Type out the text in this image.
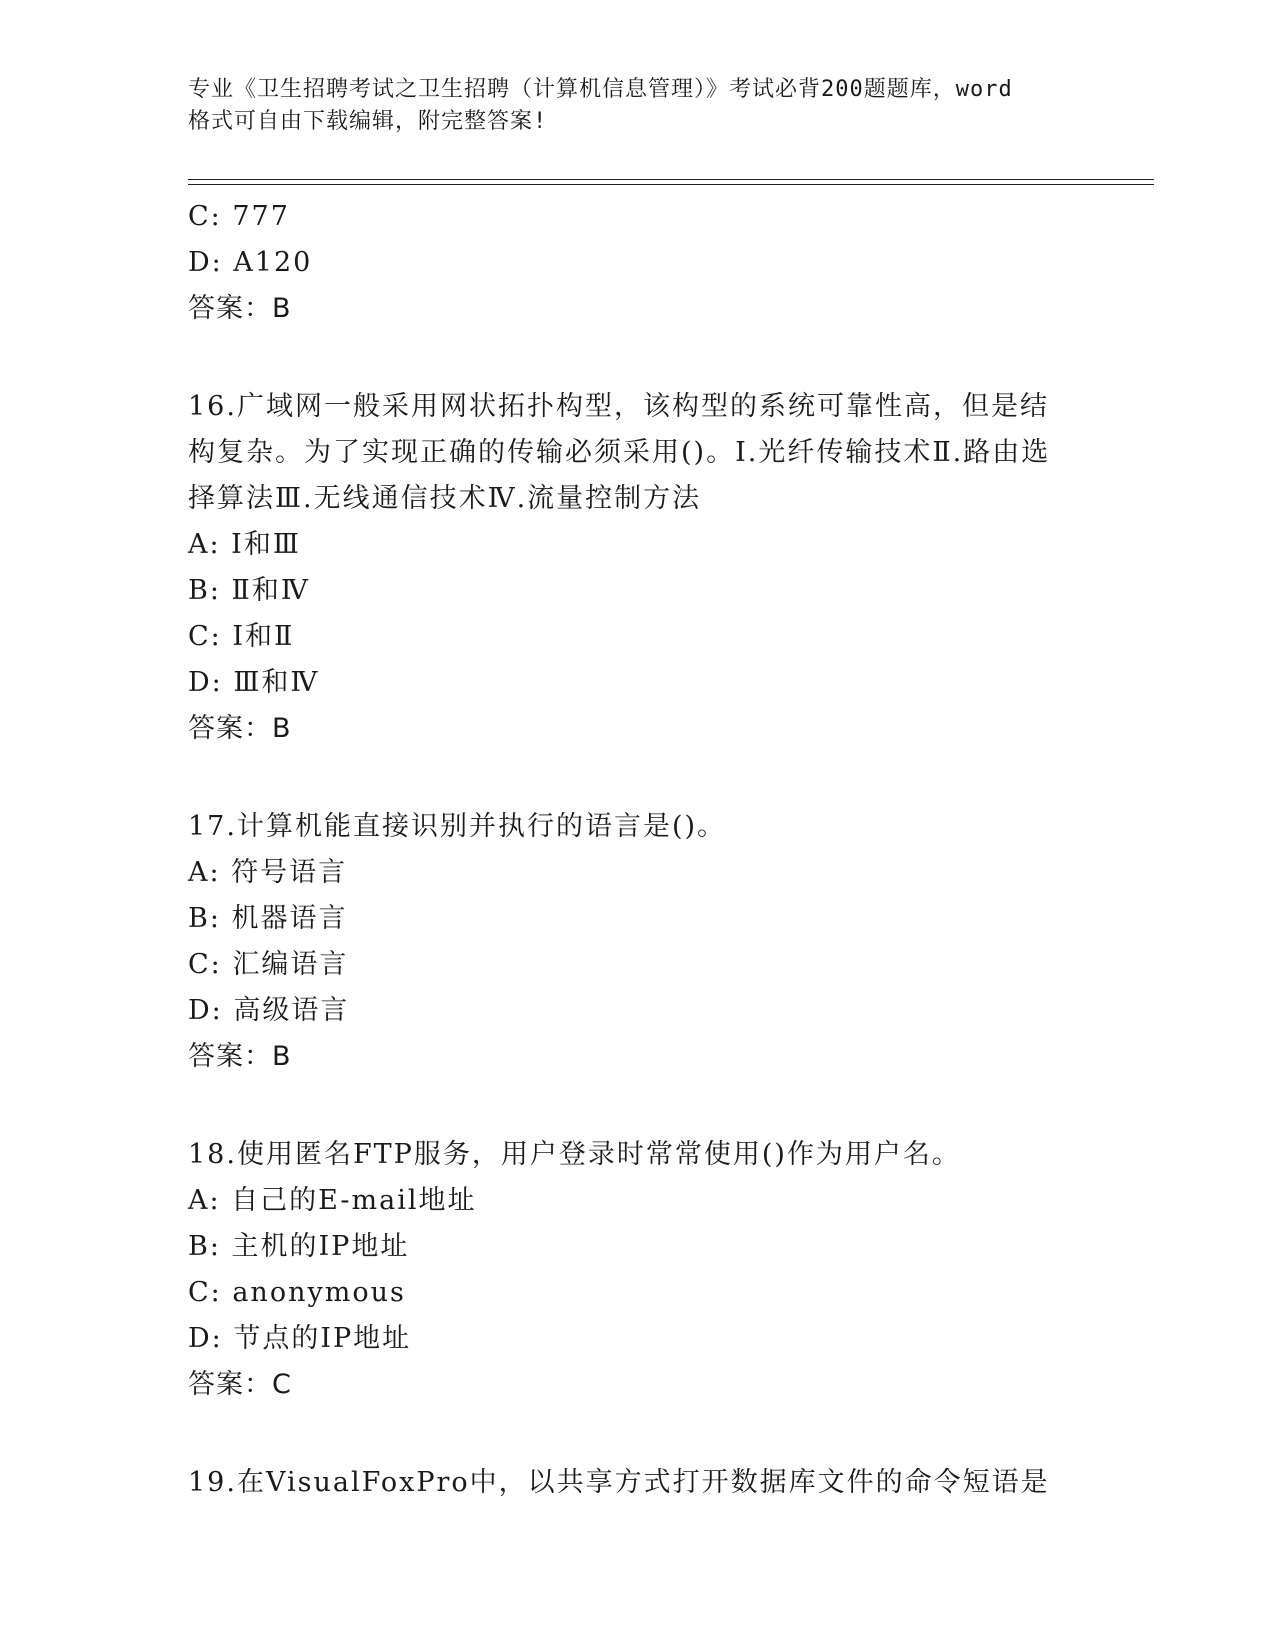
专业《卫生招聘考试之卫生招聘（计算机信息管理）》考试必背200题题库，word
格式可自由下载编辑，附完整答案!
C: 777
D: A120
答案：B
16.广域网一般采用网状拓扑构型，该构型的系统可靠性高，但是结构复杂。为了实现正确的传输必须采用()。Ⅰ.光纤传输技术Ⅱ.路由选择算法Ⅲ.无线通信技术Ⅳ.流量控制方法
A: Ⅰ和Ⅲ
B: Ⅱ和Ⅳ
C: Ⅰ和Ⅱ
D: Ⅲ和Ⅳ
答案：B
17.计算机能直接识别并执行的语言是()。
A: 符号语言
B: 机器语言
C: 汇编语言
D: 高级语言
答案：B
18.使用匿名FTP服务，用户登录时常常使用()作为用户名。
A: 自己的E-mail地址
B: 主机的IP地址
C: anonymous
D: 节点的IP地址
答案：C
19.在VisualFoxPro中，以共享方式打开数据库文件的命令短语是
